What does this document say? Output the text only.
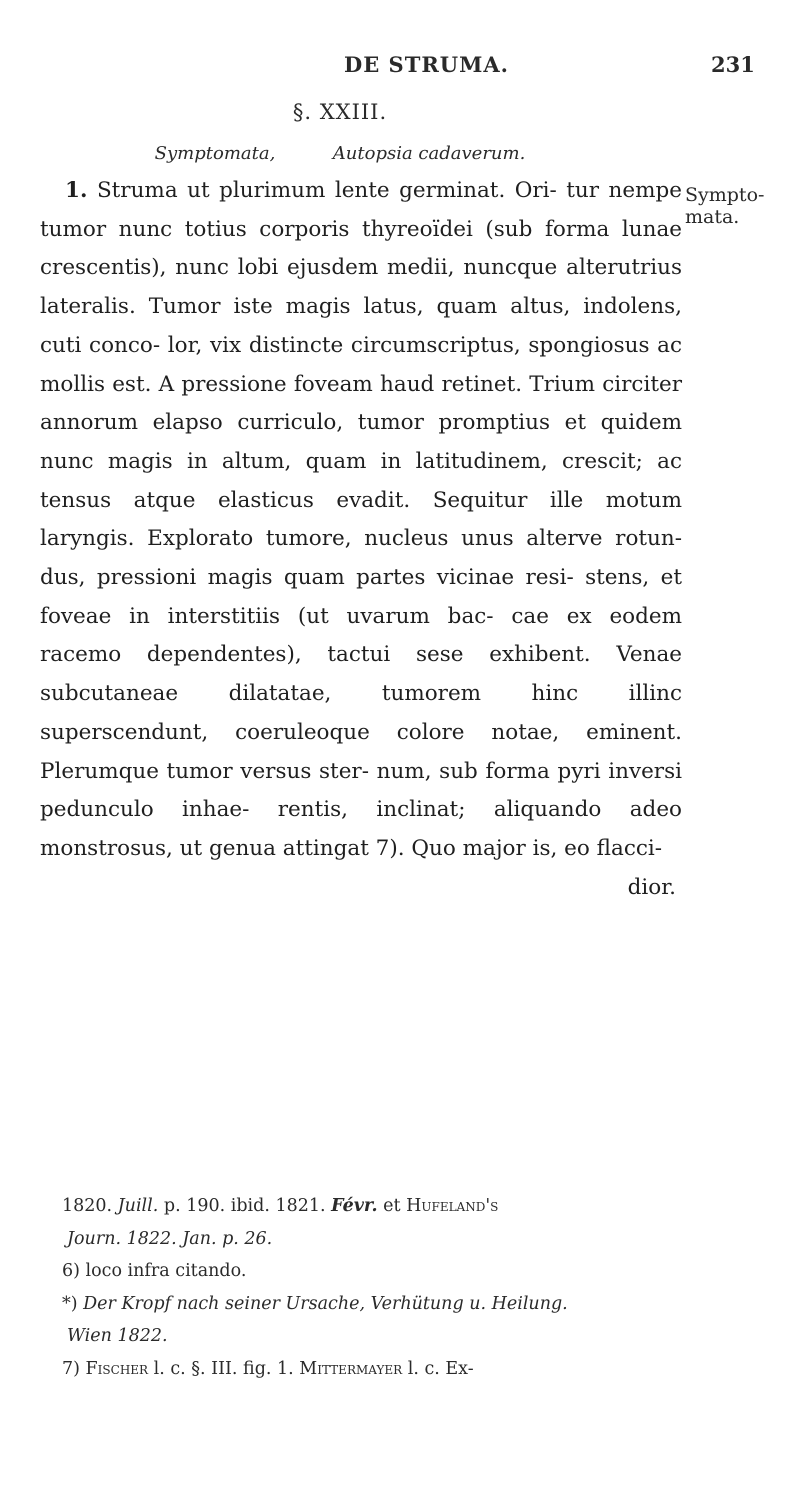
DE STRUMA.	231
§. XXIII.
Symptomata,	Autopsia cadaverum.
Sympto-
mata.

1. Struma ut plurimum lente germinat. Ori- tur nempe tumor nunc totius corporis thyreoïdei (sub forma lunae crescentis), nunc lobi ejusdem medii, nuncque alterutrius lateralis. Tumor iste magis latus, quam altus, indolens, cuti conco- lor, vix distincte circumscriptus, spongiosus ac mollis est. A pressione foveam haud retinet. Trium circiter annorum elapso curriculo, tumor promptius et quidem nunc magis in altum, quam in latitudinem, crescit; ac tensus atque elasticus evadit. Sequitur ille motum laryngis. Explorato tumore, nucleus unus alterve rotun- dus, pressioni magis quam partes vicinae resi- stens, et foveae in interstitiis (ut uvarum bac- cae ex eodem racemo dependentes), tactui sese exhibent. Venae subcutaneae dilatatae, tumorem hinc illinc superscendunt, coeruleoque colore notae, eminent. Plerumque tumor versus ster- num, sub forma pyri inversi pedunculo inhae- rentis, inclinat; aliquando adeo monstrosus, ut genua attingat 7). Quo major is, eo flacci-

dior.
1820. Juill. p. 190. ibid. 1821. Févr. et Hufeland's
Journ. 1822. Jan. p. 26.
6) loco infra citando.
*) Der Kropf nach seiner Ursache, Verhütung u. Heilung.
Wien 1822.
7) Fischer l. c. §. III. fig. 1. Mittermayer l. c. Ex-
